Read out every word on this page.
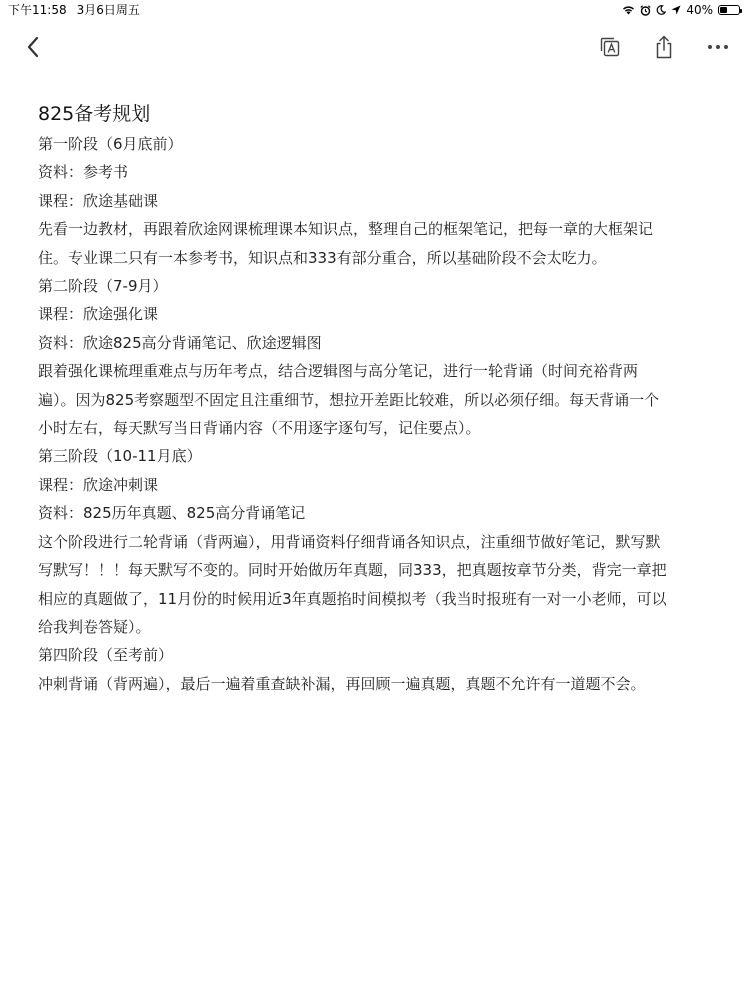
下午11:58 3月6日周五	40%
825备考规划

第一阶段（6月底前）

资料：参考书

课程：欣途基础课

先看一边教材，再跟着欣途网课梳理课本知识点，整理自己的框架笔记，把每一章的大框架记

住。专业课二只有一本参考书，知识点和333有部分重合，所以基础阶段不会太吃力。

第二阶段（7-9月）

课程：欣途强化课

资料：欣途825高分背诵笔记、欣途逻辑图

跟着强化课梳理重难点与历年考点，结合逻辑图与高分笔记，进行一轮背诵（时间充裕背两

遍）。因为825考察题型不固定且注重细节，想拉开差距比较难，所以必须仔细。每天背诵一个

小时左右，每天默写当日背诵内容（不用逐字逐句写，记住要点）。

第三阶段（10-11月底）

课程：欣途冲刺课

资料：825历年真题、825高分背诵笔记

这个阶段进行二轮背诵（背两遍），用背诵资料仔细背诵各知识点，注重细节做好笔记，默写默

写默写！！！每天默写不变的。同时开始做历年真题，同333，把真题按章节分类，背完一章把

相应的真题做了，11月份的时候用近3年真题掐时间模拟考（我当时报班有一对一小老师，可以

给我判卷答疑）。

第四阶段（至考前）

冲刺背诵（背两遍），最后一遍着重查缺补漏，再回顾一遍真题，真题不允许有一道题不会。
